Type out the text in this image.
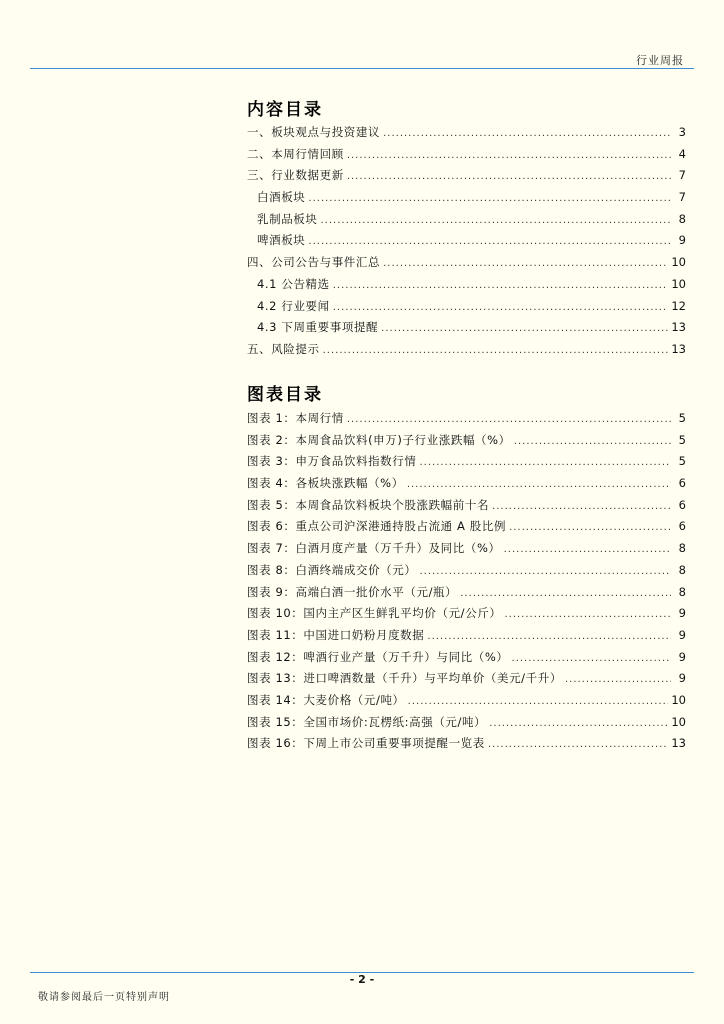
行业周报
内容目录
一、板块观点与投资建议 .....	3
二、本周行情回顾 .....	4
三、行业数据更新 .....	7
白酒板块 .....	7
乳制品板块 .....	8
啤酒板块 .....	9
四、公司公告与事件汇总 .....	10
4.1 公告精选 .....	10
4.2 行业要闻 .....	12
4.3 下周重要事项提醒 .....	13
五、风险提示 .....	13
图表目录
图表 1：本周行情 .....	5
图表 2：本周食品饮料(申万)子行业涨跌幅（%） .....	5
图表 3：申万食品饮料指数行情 .....	5
图表 4：各板块涨跌幅（%） .....	6
图表 5：本周食品饮料板块个股涨跌幅前十名 .....	6
图表 6：重点公司沪深港通持股占流通 A 股比例 .....	6
图表 7：白酒月度产量（万千升）及同比（%） .....	8
图表 8：白酒终端成交价（元） .....	8
图表 9：高端白酒一批价水平（元/瓶） .....	8
图表 10：国内主产区生鲜乳平均价（元/公斤） .....	9
图表 11：中国进口奶粉月度数据 .....	9
图表 12：啤酒行业产量（万千升）与同比（%） .....	9
图表 13：进口啤酒数量（千升）与平均单价（美元/千升） .....	9
图表 14：大麦价格（元/吨） .....	10
图表 15：全国市场价:瓦楞纸:高强（元/吨） .....	10
图表 16：下周上市公司重要事项提醒一览表 .....	13
- 2 -
敬请参阅最后一页特别声明
